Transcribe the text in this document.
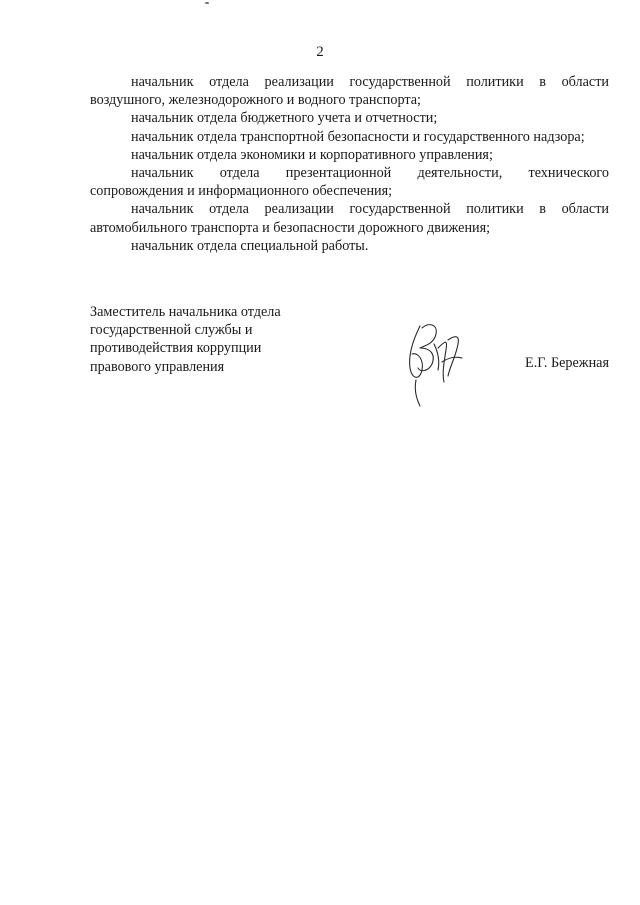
2

начальник отдела реализации государственной политики в области воздушного, железнодорожного и водного транспорта;

начальник отдела бюджетного учета и отчетности;

начальник отдела транспортной безопасности и государственного надзора;

начальник отдела экономики и корпоративного управления;

начальник отдела презентационной деятельности, технического сопровождения и информационного обеспечения;

начальник отдела реализации государственной политики в области автомобильного транспорта и безопасности дорожного движения;

начальник отдела специальной работы.

Заместитель начальника отдела
государственной службы и
противодействия коррупции
правового управления	Е.Г. Бережная
